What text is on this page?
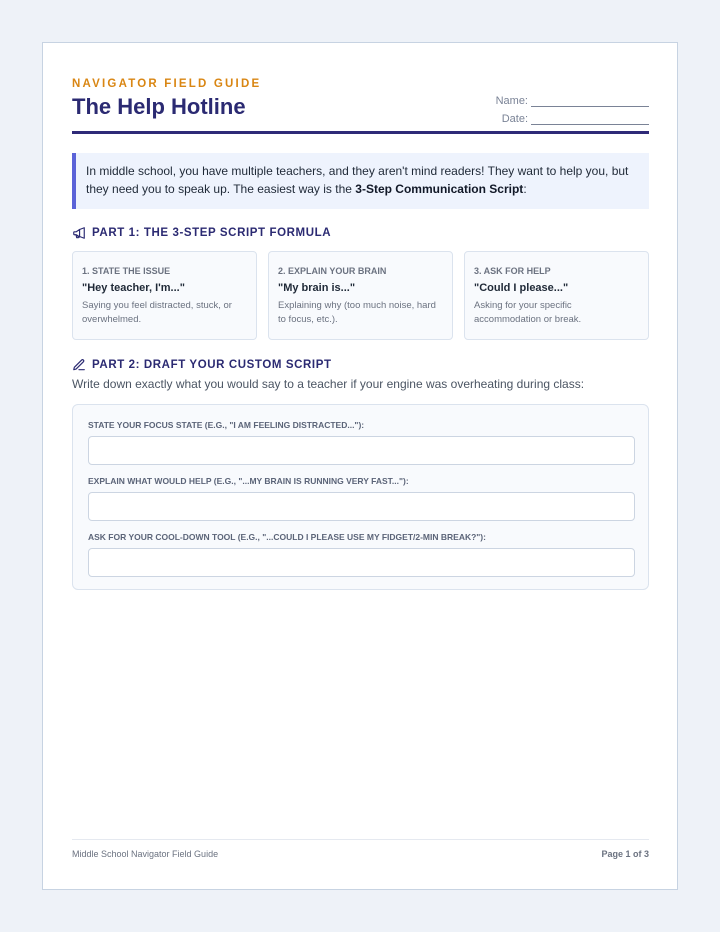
NAVIGATOR FIELD GUIDE
The Help Hotline	Name:
Date:
In middle school, you have multiple teachers, and they aren't mind readers! They want to help you, but they need you to speak up. The easiest way is the 3-Step Communication Script:
PART 1: THE 3-STEP SCRIPT FORMULA
1. STATE THE ISSUE
"Hey teacher, I'm..."
Saying you feel distracted, stuck, or overwhelmed.
2. EXPLAIN YOUR BRAIN
"My brain is..."
Explaining why (too much noise, hard to focus, etc.).
3. ASK FOR HELP
"Could I please..."
Asking for your specific accommodation or break.
PART 2: DRAFT YOUR CUSTOM SCRIPT
Write down exactly what you would say to a teacher if your engine was overheating during class:
STATE YOUR FOCUS STATE (E.G., "I AM FEELING DISTRACTED..."):
EXPLAIN WHAT WOULD HELP (E.G., "...MY BRAIN IS RUNNING VERY FAST..."):
ASK FOR YOUR COOL-DOWN TOOL (E.G., "...COULD I PLEASE USE MY FIDGET/2-MIN BREAK?"):
Middle School Navigator Field Guide	Page 1 of 3
